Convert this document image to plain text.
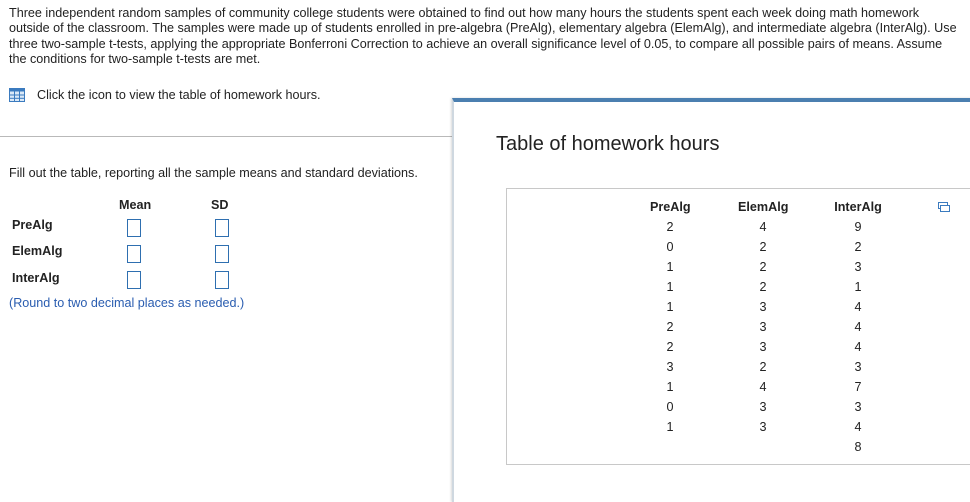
Three independent random samples of community college students were obtained to find out how many hours the students spent each week doing math homework outside of the classroom. The samples were made up of students enrolled in pre-algebra (PreAlg), elementary algebra (ElemAlg), and intermediate algebra (InterAlg). Use three two-sample t-tests, applying the appropriate Bonferroni Correction to achieve an overall significance level of 0.05, to compare all possible pairs of means. Assume the conditions for two-sample t-tests are met.
Click the icon to view the table of homework hours.
Fill out the table, reporting all the sample means and standard deviations.
Mean	SD
PreAlg
ElemAlg
InterAlg
(Round to two decimal places as needed.)
Table of homework hours
PreAlg
2
0
1
1
1
2
2
3
1
0
1
ElemAlg
4
2
2
2
3
3
3
2
4
3
3
InterAlg
9
2
3
1
4
4
4
3
7
3
4
8
